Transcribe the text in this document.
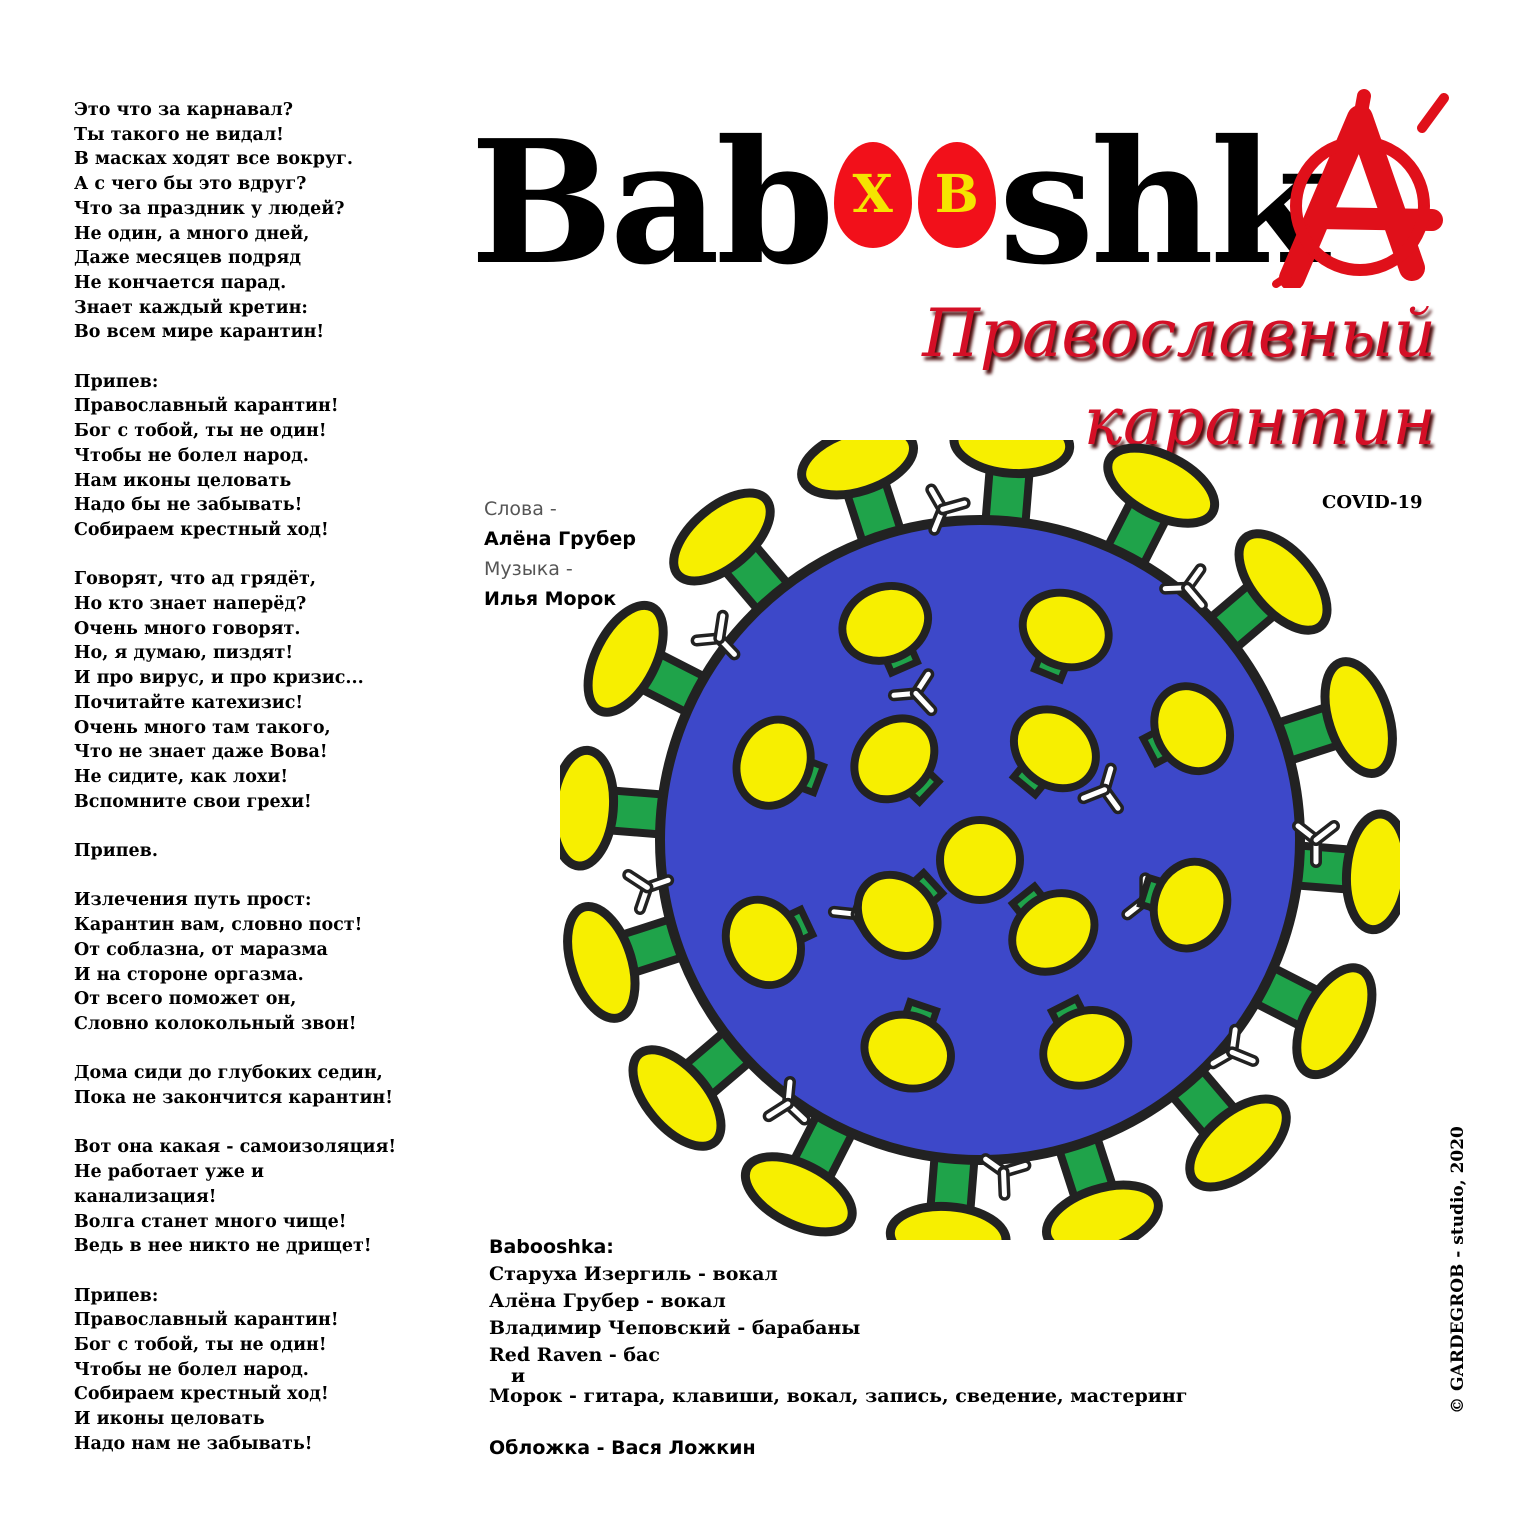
Это что за карнавал?
Ты такого не видал!
В масках ходят все вокруг.
А с чего бы это вдруг?
Что за праздник у людей?
Не один, а много дней,
Даже месяцев подряд
Не кончается парад.
Знает каждый кретин:
Во всем мире карантин!
Припев:
Православный карантин!
Бог с тобой, ты не один!
Чтобы не болел народ.
Нам иконы целовать
Надо бы не забывать!
Собираем крестный ход!
Говорят, что ад грядёт,
Но кто знает наперёд?
Очень много говорят.
Но, я думаю, пиздят!
И про вирус, и про кризис...
Почитайте катехизис!
Очень много там такого,
Что не знает даже Вова!
Не сидите, как лохи!
Вспомните свои грехи!
Припев.
Излечения путь прост:
Карантин вам, словно пост!
От соблазна, от маразма
И на стороне оргазма.
От всего поможет он,
Словно колокольный звон!
Дома сиди до глубоких седин,
Пока не закончится карантин!
Вот она какая - самоизоляция!
Не работает уже и
канализация!
Волга станет много чище!
Ведь в нее никто не дрищет!
Припев:
Православный карантин!
Бог с тобой, ты не один!
Чтобы не болел народ.
Собираем крестный ход!
И иконы целовать
Надо нам не забывать!
Bab Х В shk
Православный
карантин
COVID-19
Слова -
Алёна Грубер
Музыка -
Илья Морок
Babooshka:
Старуха Изергиль - вокал
Алёна Грубер - вокал
Владимир Чеповский - барабаны
Red Raven - бас
и
Морок - гитара, клавиши, вокал, запись, сведение, мастеринг
Обложка - Вася Ложкин
© GARDEGROB - studio, 2020
